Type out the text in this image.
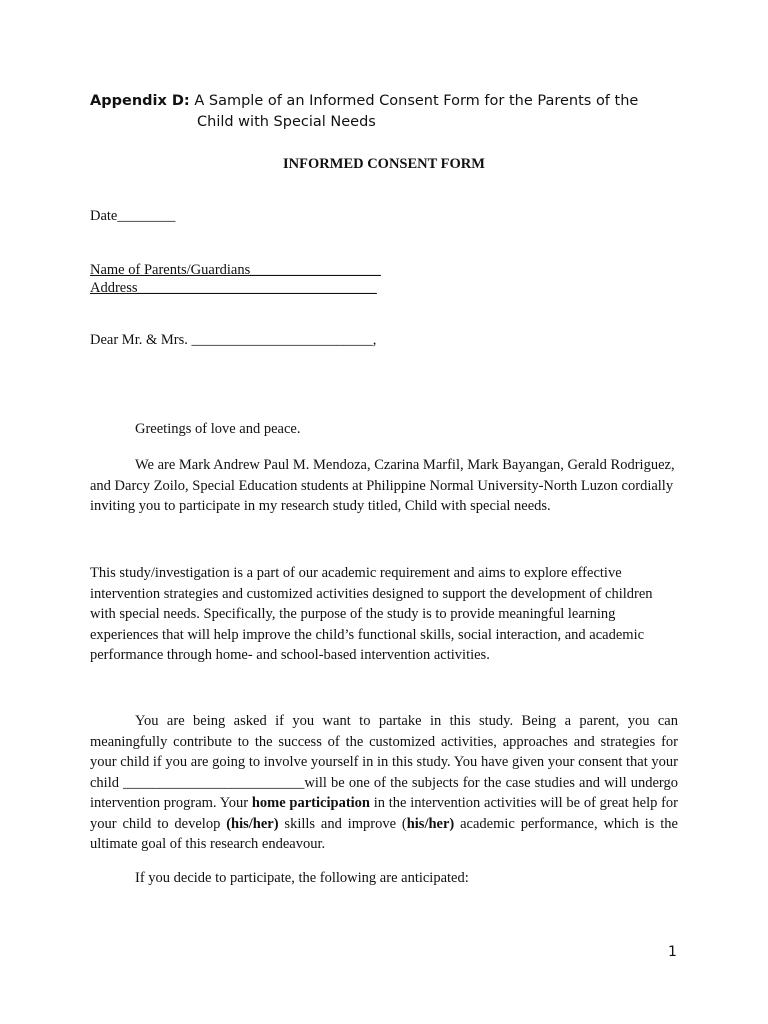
Appendix D: A Sample of an Informed Consent Form for the Parents of the
Child with Special Needs
INFORMED CONSENT FORM
Date________
Name of Parents/Guardians__________________
Address_________________________________
Dear Mr. & Mrs. _________________________,

Greetings of love and peace.

We are Mark Andrew Paul M. Mendoza, Czarina Marfil, Mark Bayangan, Gerald Rodriguez, and Darcy Zoilo, Special Education students at Philippine Normal University-North Luzon cordially inviting you to participate in my research study titled, Child with special needs.

This study/investigation is a part of our academic requirement and aims to explore effective intervention strategies and customized activities designed to support the development of children with special needs. Specifically, the purpose of the study is to provide meaningful learning experiences that will help improve the child’s functional skills, social interaction, and academic performance through home- and school-based intervention activities.

You are being asked if you want to partake in this study. Being a parent, you can meaningfully contribute to the success of the customized activities, approaches and strategies for your child if you are going to involve yourself in in this study. You have given your consent that your child _________________________will be one of the subjects for the case studies and will undergo intervention program. Your home participation in the intervention activities will be of great help for your child to develop (his/her) skills and improve (his/her) academic performance, which is the ultimate goal of this research endeavour.

If you decide to participate, the following are anticipated:

1
